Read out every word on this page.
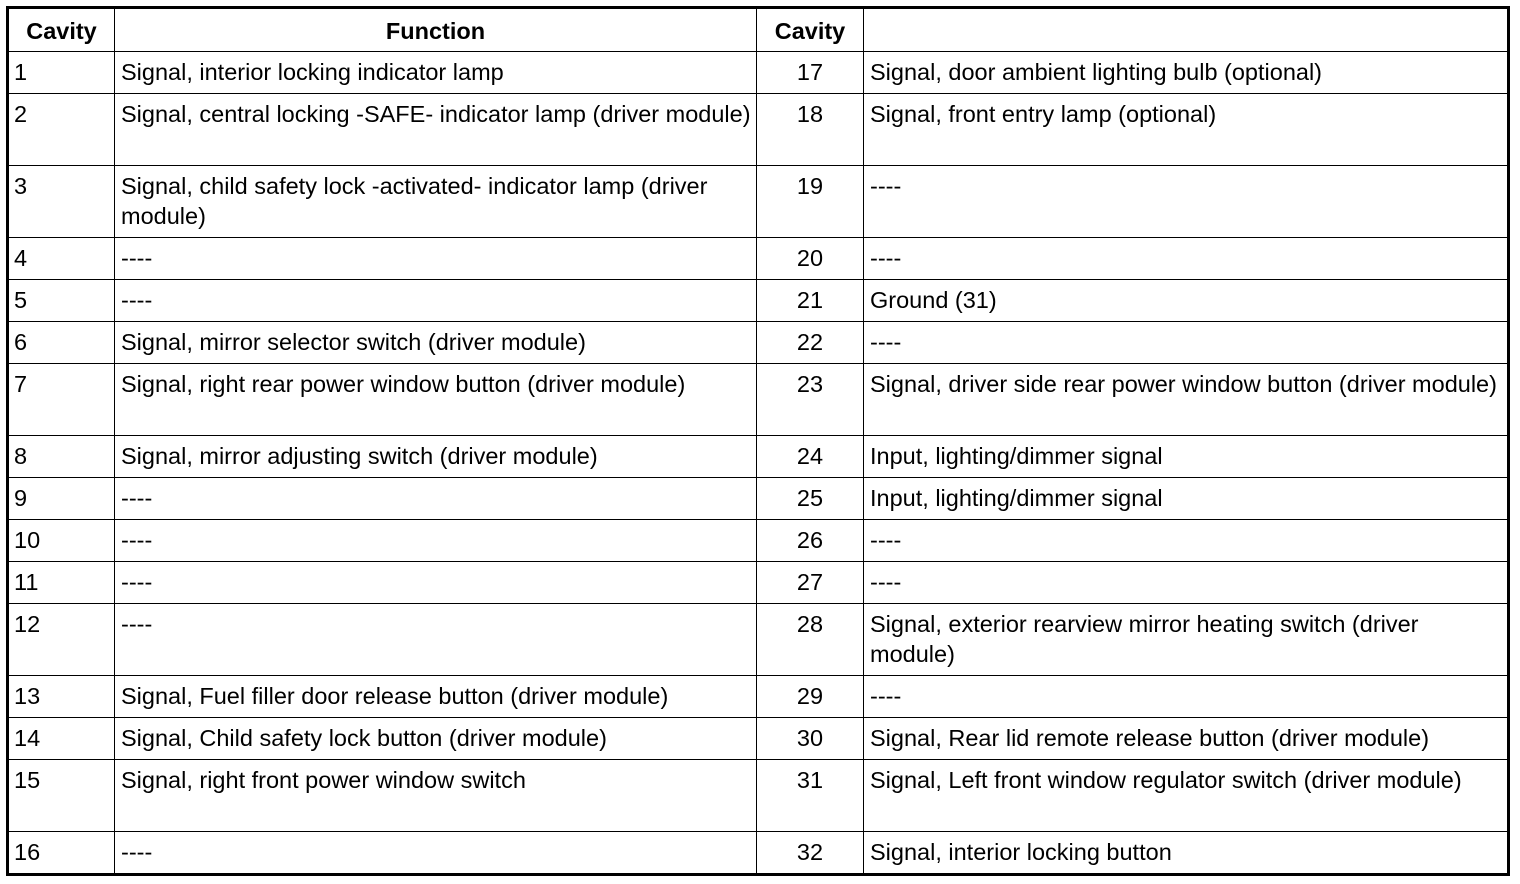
Cavity	Function	Cavity	
1	Signal, interior locking indicator lamp	17	Signal, door ambient lighting bulb (optional)
2	Signal, central locking -SAFE- indicator lamp (driver module)	18	Signal, front entry lamp (optional)
3	Signal, child safety lock -activated- indicator lamp (driver module)	19	----
4	----	20	----
5	----	21	Ground (31)
6	Signal, mirror selector switch (driver module)	22	----
7	Signal, right rear power window button (driver module)	23	Signal, driver side rear power window button (driver module)
8	Signal, mirror adjusting switch (driver module)	24	Input, lighting/dimmer signal
9	----	25	Input, lighting/dimmer signal
10	----	26	----
11	----	27	----
12	----	28	Signal, exterior rearview mirror heating switch (driver module)
13	Signal, Fuel filler door release button (driver module)	29	----
14	Signal, Child safety lock button (driver module)	30	Signal, Rear lid remote release button (driver module)
15	Signal, right front power window switch	31	Signal, Left front window regulator switch (driver module)
16	----	32	Signal, interior locking button
